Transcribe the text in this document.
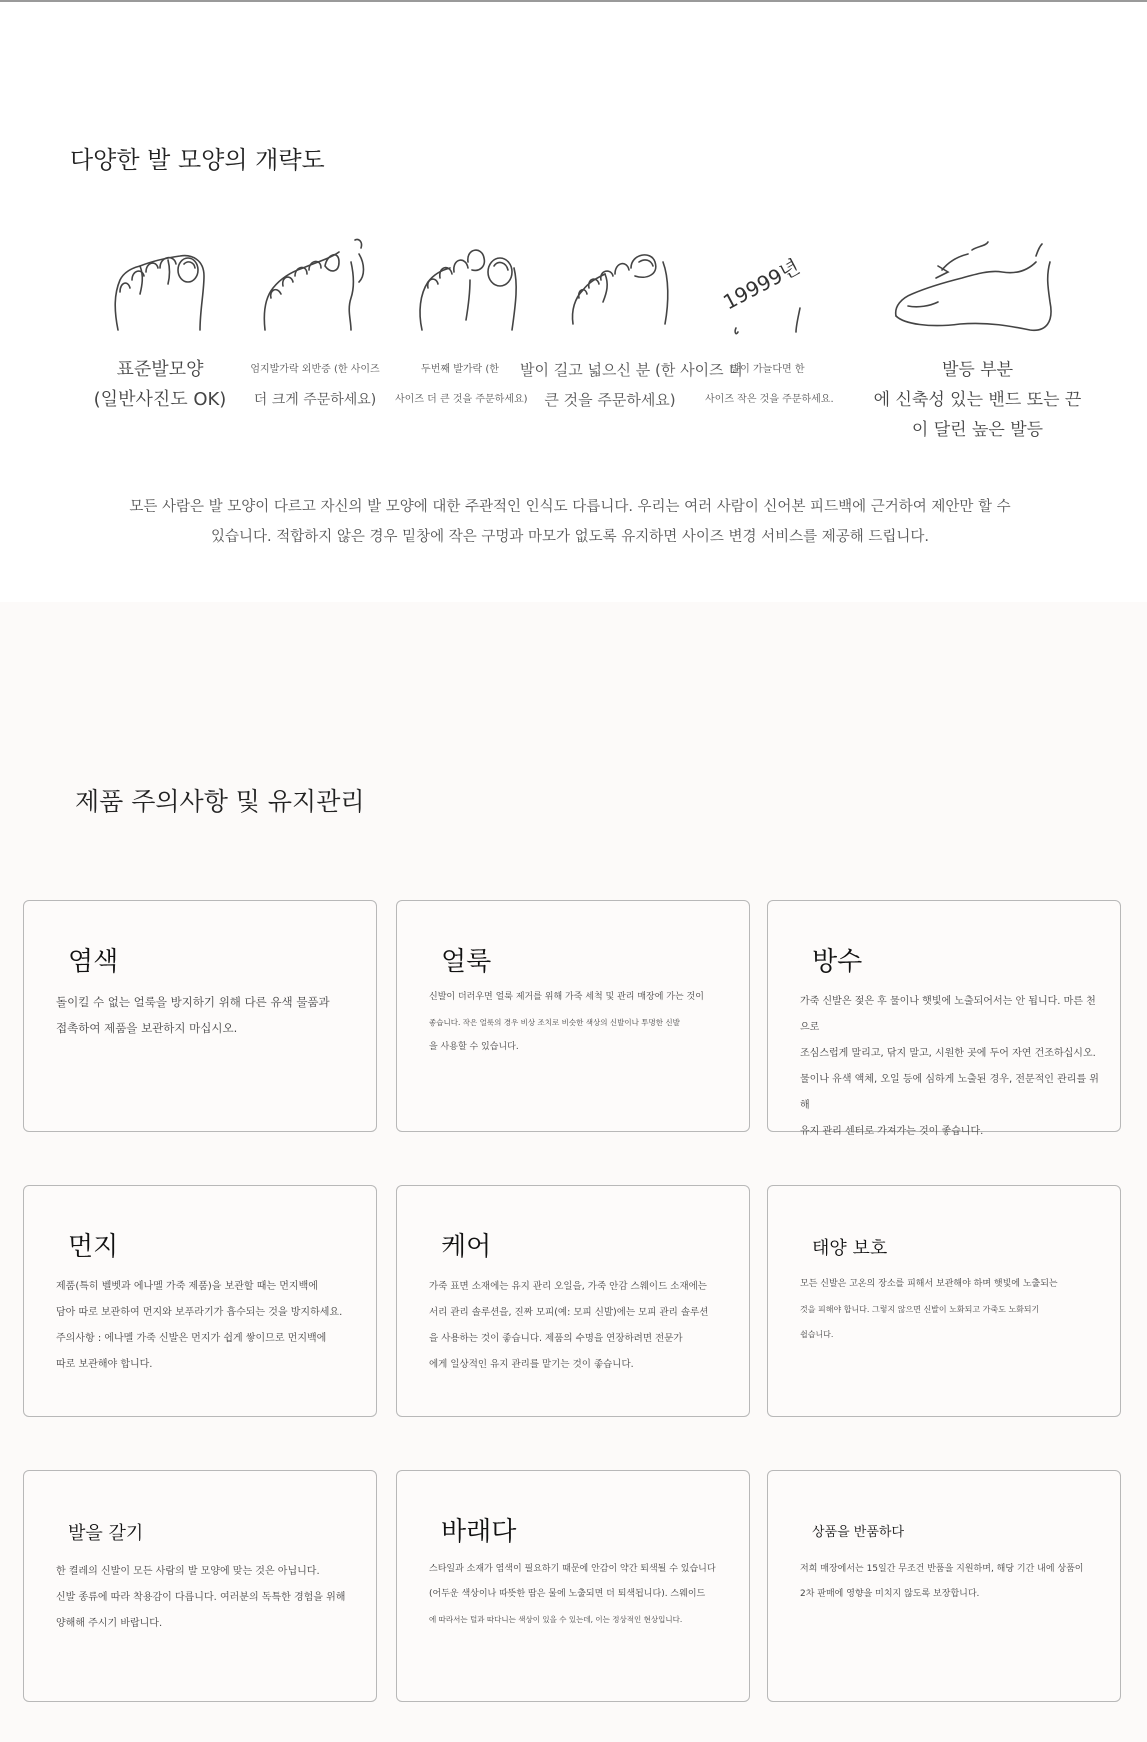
다양한 발 모양의 개략도
19999년
표준발모양
(일반사진도 OK)
엄지발가락 외반증 (한 사이즈
더 크게 주문하세요)
두번째 발가락 (한
사이즈 더 큰 것을 주문하세요)
발이 길고 넓으신 분 (한 사이즈 더
큰 것을 주문하세요)
발이 가늘다면 한
사이즈 작은 것을 주문하세요.
발등 부분
에 신축성 있는 밴드 또는 끈
이 달린 높은 발등
모든 사람은 발 모양이 다르고 자신의 발 모양에 대한 주관적인 인식도 다릅니다. 우리는 여러 사람이 신어본 피드백에 근거하여 제안만 할 수
있습니다. 적합하지 않은 경우 밑창에 작은 구멍과 마모가 없도록 유지하면 사이즈 변경 서비스를 제공해 드립니다.
제품 주의사항 및 유지관리
염색
돌이킬 수 없는 얼룩을 방지하기 위해 다른 유색 물품과
접촉하여 제품을 보관하지 마십시오.
얼룩
신발이 더러우면 얼룩 제거를 위해 가죽 세척 및 관리 매장에 가는 것이
좋습니다. 작은 얼룩의 경우 비상 조치로 비슷한 색상의 신발이나 투명한 신발
을 사용할 수 있습니다.
방수
가죽 신발은 젖은 후 물이나 햇빛에 노출되어서는 안 됩니다. 마른 천으로
조심스럽게 말리고, 닦지 말고, 시원한 곳에 두어 자연 건조하십시오.
물이나 유색 액체, 오일 등에 심하게 노출된 경우, 전문적인 관리를 위해
유지 관리 센터로 가져가는 것이 좋습니다.
먼지
제품(특히 벨벳과 에나멜 가죽 제품)을 보관할 때는 먼지백에
담아 따로 보관하여 먼지와 보푸라기가 흡수되는 것을 방지하세요.
주의사항 : 에나멜 가죽 신발은 먼지가 쉽게 쌓이므로 먼지백에
따로 보관해야 합니다.
케어
가죽 표면 소재에는 유지 관리 오일을, 가죽 안감 스웨이드 소재에는
서리 관리 솔루션을, 진짜 모피(예: 모피 신발)에는 모피 관리 솔루션
을 사용하는 것이 좋습니다. 제품의 수명을 연장하려면 전문가
에게 일상적인 유지 관리를 맡기는 것이 좋습니다.
태양 보호
모든 신발은 고온의 장소를 피해서 보관해야 하며 햇빛에 노출되는
것을 피해야 합니다. 그렇지 않으면 신발이 노화되고 가죽도 노화되기
쉽습니다.
발을 갈기
한 켤레의 신발이 모든 사람의 발 모양에 맞는 것은 아닙니다.
신발 종류에 따라 착용감이 다릅니다. 여러분의 독특한 경험을 위해
양해해 주시기 바랍니다.
바래다
스타일과 소재가 염색이 필요하기 때문에 안감이 약간 퇴색될 수 있습니다
(어두운 색상이나 따뜻한 땀은 물에 노출되면 더 퇴색됩니다). 스웨이드
에 따라서는 털과 따다니는 색상이 있을 수 있는데, 이는 정상적인 현상입니다.
상품을 반품하다
저희 매장에서는 15일간 무조건 반품을 지원하며, 해당 기간 내에 상품이
2차 판매에 영향을 미치지 않도록 보장합니다.
